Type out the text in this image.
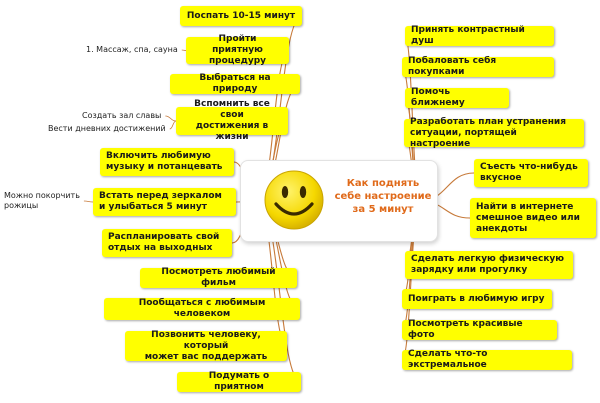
Как поднять
себе настроение
за 5 минут
Поспать 10-15 минут
Пройти приятную
процедуру
Выбраться на природу
Вспомнить все свои
достижения в жизни
Включить любимую
музыку и потанцевать
Встать перед зеркалом
и улыбаться 5 минут
Распланировать свой
отдых на выходных
Посмотреть любимый фильм
Пообщаться с любимым человеком
Позвонить человеку, который
может вас поддержать
Подумать о приятном
Принять контрастный душ
Побаловать себя покупками
Помочь ближнему
Разработать план устранения
ситуации, портящей настроение
Съесть что-нибудь
вкусное
Найти в интернете
смешное видео или
анекдоты
Сделать легкую физическую
зарядку или прогулку
Поиграть в любимую игру
Посмотреть красивые фото
Сделать что-то экстремальное
1. Массаж, спа, сауна
Создать зал славы
Вести дневних достижений
Можно покорчить
рожицы
